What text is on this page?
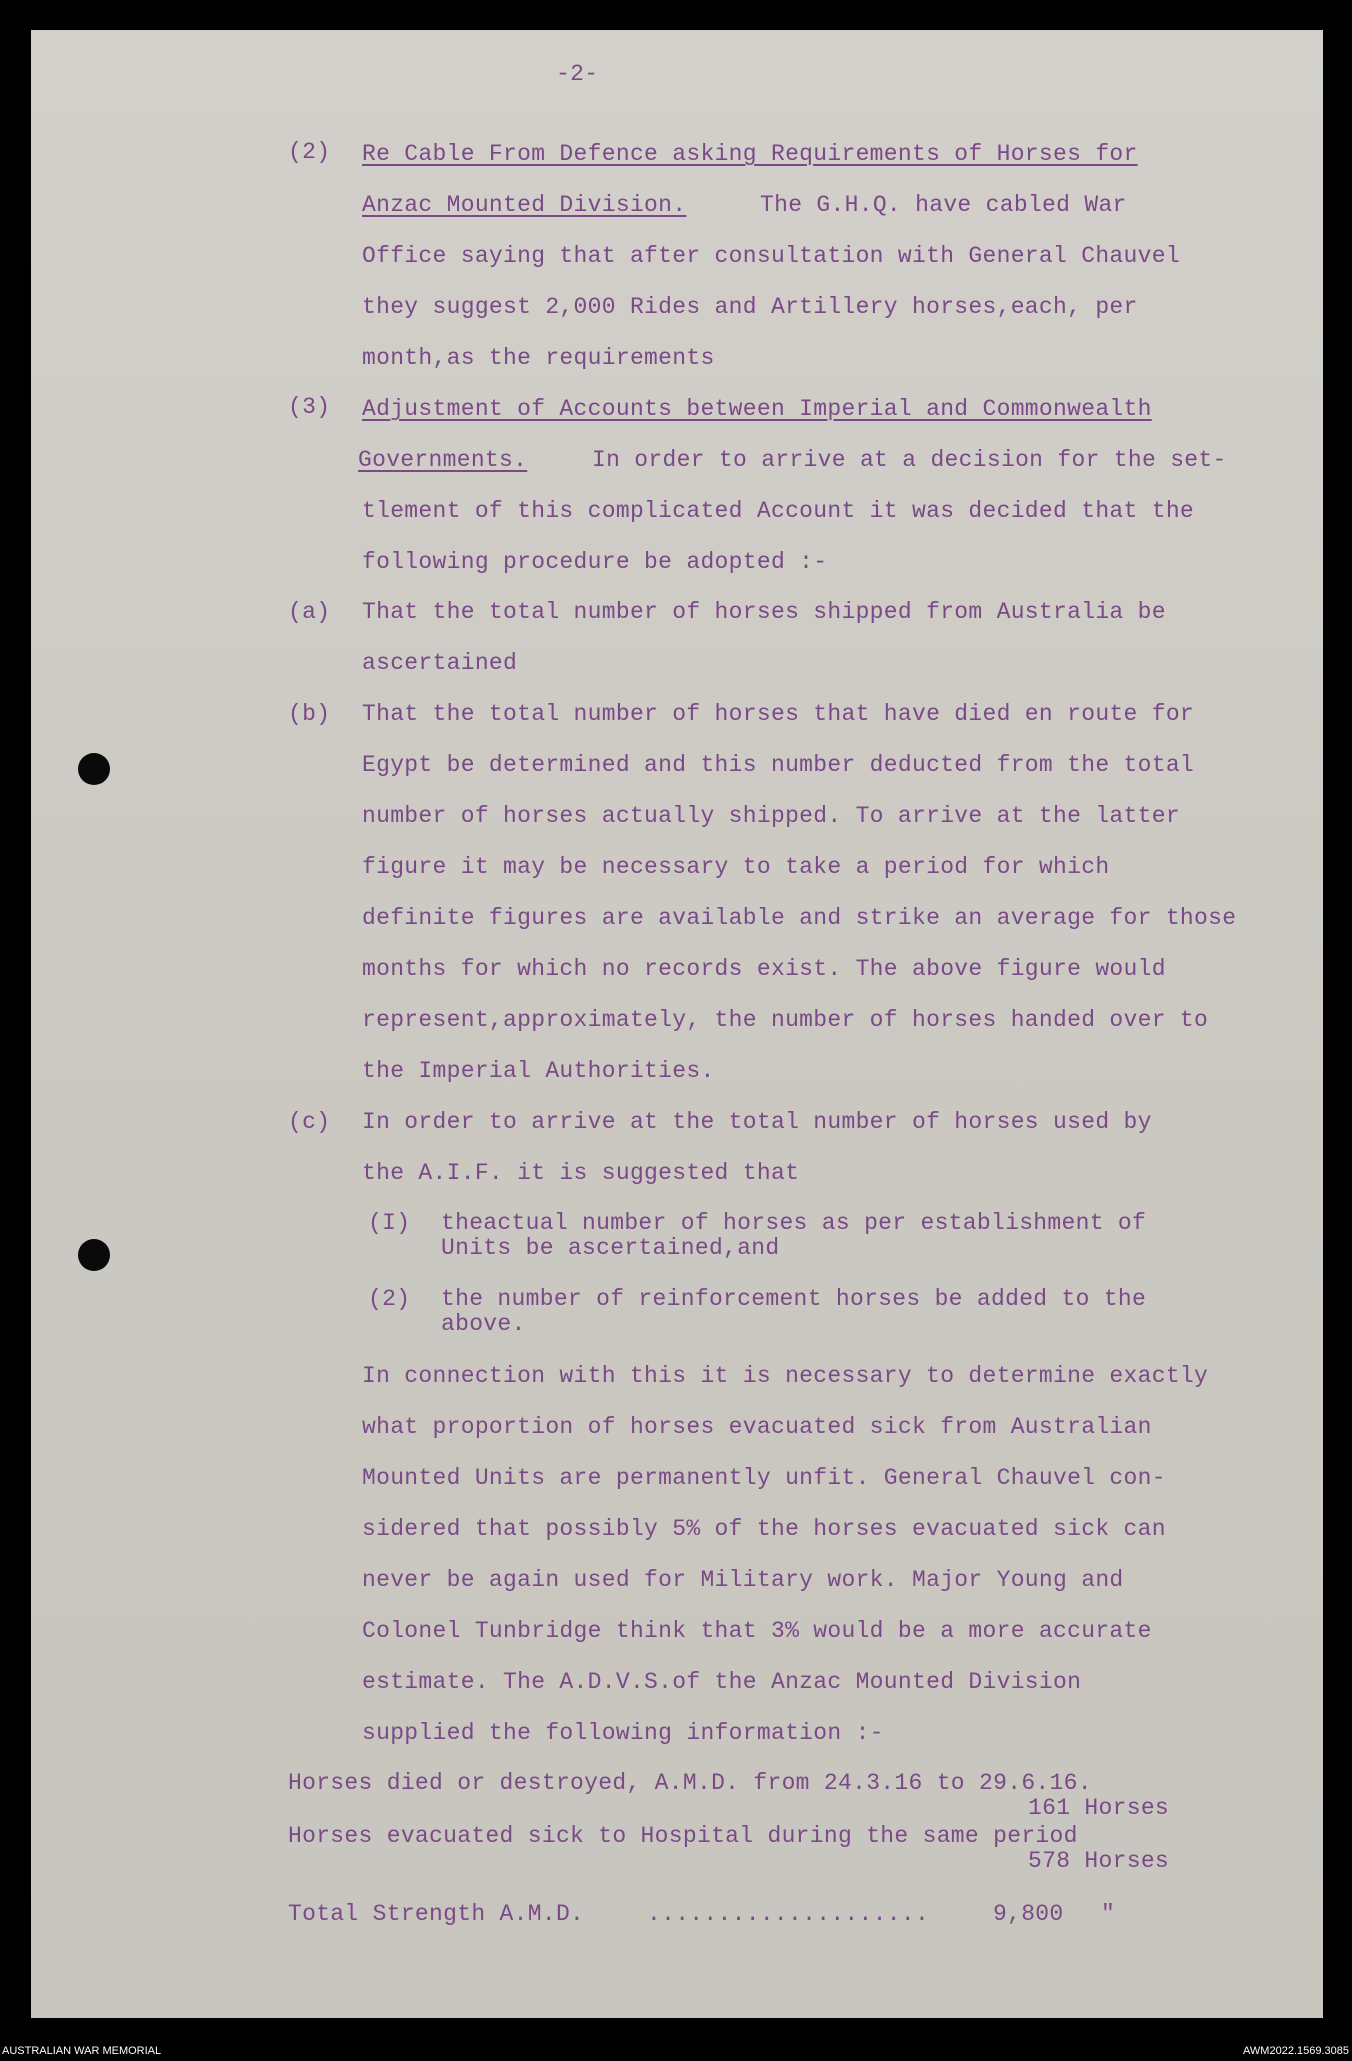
-2-
(2) Re Cable From Defence asking Requirements of Horses for
Anzac Mounted Division.	The G.H.Q. have cabled War
Office saying that after consultation with General Chauvel
they suggest 2,000 Rides and Artillery horses,each, per
month,as the requirements
(3) Adjustment of Accounts between Imperial and Commonwealth
Governments.	In order to arrive at a decision for the set-
tlement of this complicated Account it was decided that the
following procedure be adopted :-
(a) That the total number of horses shipped from Australia be
ascertained
(b) That the total number of horses that have died en route for
Egypt be determined and this number deducted from the total
number of horses actually shipped. To arrive at the latter
figure it may be necessary to take a period for which
definite figures are available and strike an average for those
months for which no records exist. The above figure would
represent,approximately, the number of horses handed over to
the Imperial Authorities.
(c) In order to arrive at the total number of horses used by
the A.I.F. it is suggested that
(I) theactual number of horses as per establishment of
Units be ascertained,and
(2) the number of reinforcement horses be added to the
above.
In connection with this it is necessary to determine exactly
what proportion of horses evacuated sick from Australian
Mounted Units are permanently unfit. General Chauvel con-
sidered that possibly 5% of the horses evacuated sick can
never be again used for Military work. Major Young and
Colonel Tunbridge think that 3% would be a more accurate
estimate. The A.D.V.S.of the Anzac Mounted Division
supplied the following information :-
Horses died or destroyed, A.M.D. from 24.3.16 to 29.6.16.
161 Horses
Horses evacuated sick to Hospital during the same period
578 Horses
Total Strength A.M.D.	....................	9,800 "
AUSTRALIAN WAR MEMORIAL	AWM2022.1569.3085
